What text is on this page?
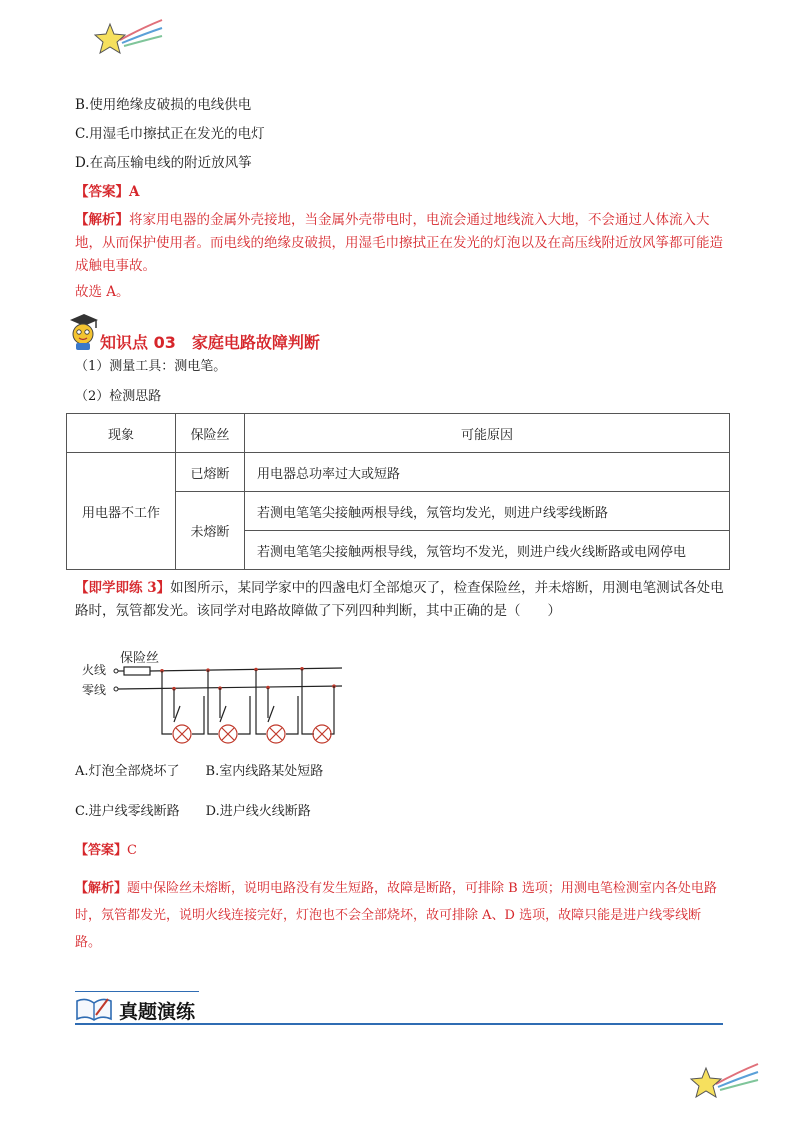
B.使用绝缘皮破损的电线供电
C.用湿毛巾擦拭正在发光的电灯
D.在高压输电线的附近放风筝
【答案】A
【解析】将家用电器的金属外壳接地，当金属外壳带电时，电流会通过地线流入大地，不会通过人体流入大地，从而保护使用者。而电线的绝缘皮破损，用湿毛巾擦拭正在发光的灯泡以及在高压线附近放风筝都可能造成触电事故。
故选 A。
知识点 03　家庭电路故障判断
（1）测量工具：测电笔。
（2）检测思路
现象	保险丝	可能原因
用电器不工作	已熔断	用电器总功率过大或短路
	未熔断	若测电笔笔尖接触两根导线，氖管均发光，则进户线零线断路
		若测电笔笔尖接触两根导线，氖管均不发光，则进户线火线断路或电网停电
【即学即练 3】如图所示，某同学家中的四盏电灯全部熄灭了，检查保险丝，并未熔断，用测电笔测试各处电路时，氖管都发光。该同学对电路故障做了下列四种判断，其中正确的是（　　）
火线
零线
保险丝
A.灯泡全部烧坏了 B.室内线路某处短路
C.进户线零线断路 D.进户线火线断路
【答案】C
【解析】题中保险丝未熔断，说明电路没有发生短路，故障是断路，可排除 B 选项；用测电笔检测室内各处电路时，氖管都发光，说明火线连接完好，灯泡也不会全部烧坏，故可排除 A、D 选项，故障只能是进户线零线断路。
真题演练
